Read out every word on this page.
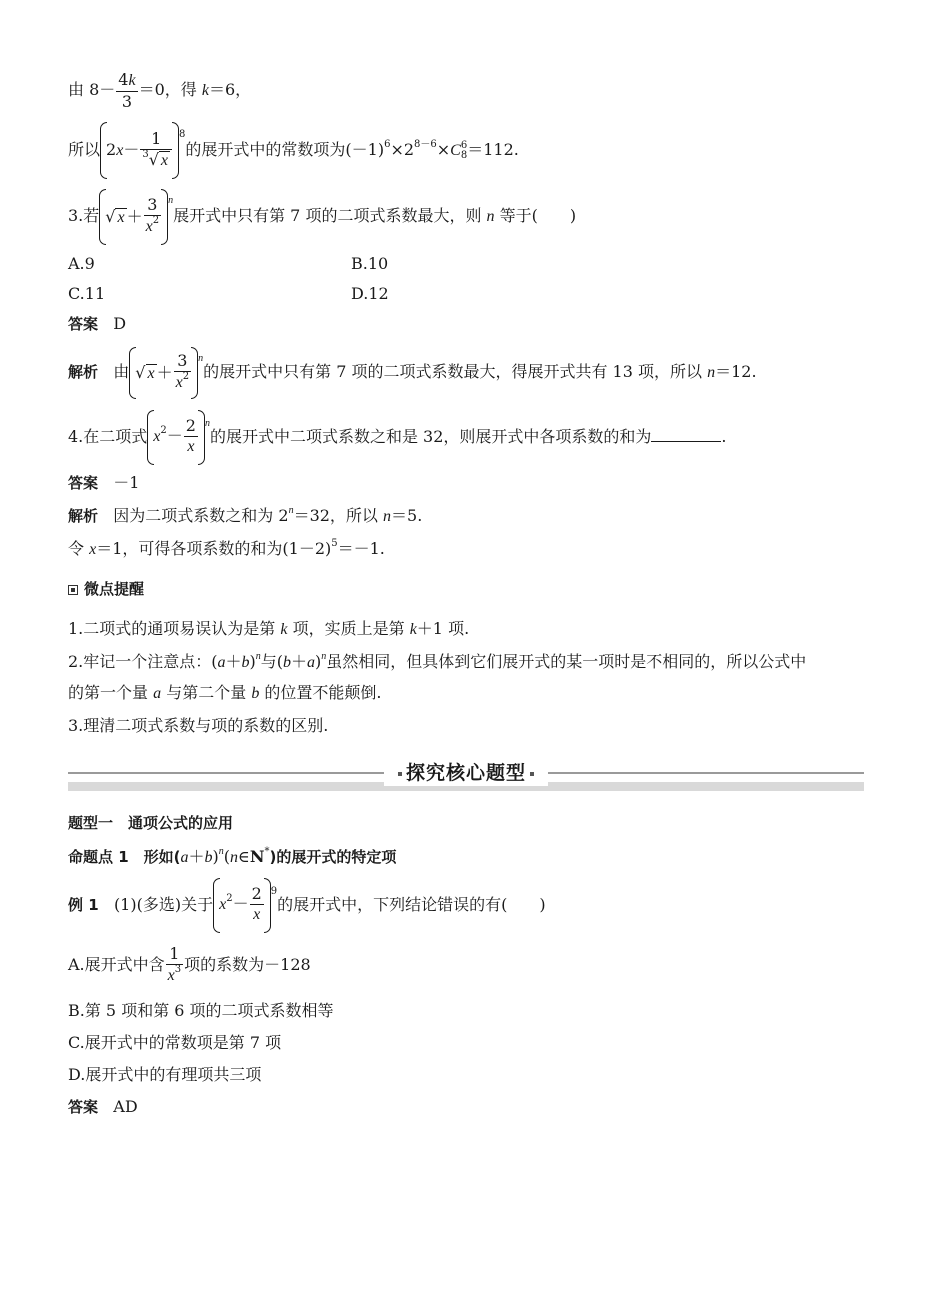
由 $8- \frac{4k}{3} =0$，得 k＝6，
所以 $2x- \frac{1}{^3√ x} ^8$的展开式中的常数项为$(-1)^6\times 2^{8-6}\times C$ 6
8 ＝112.
3.若 √ $x + \frac{3}{x^2} ^n$展开式中只有第 7 项的二项式系数最大，则 n 等于(　　)
A.9	B.10
C.11	D.12
答案 D
解析 由 √ $x + \frac{3}{x^2} ^n$的展开式中只有第 7 项的二项式系数最大，得展开式共有 13 项，所以 n＝12.
4.在二项式 $x^2- \frac{2}{x} ^n$的展开式中二项式系数之和是 32，则展开式中各项系数的和为	.
答案 －1
解析 因为二项式系数之和为 $2^n=32$，所以 n＝5.
令 x＝1，可得各项系数的和为$(1-2)^5=-1$.
微点提醒
1.二项式的通项易误认为是第 k 项，实质上是第 k＋1 项.
2.牢记一个注意点：$(a+b)^n$与$(b+a)^n$虽然相同，但具体到它们展开式的某一项时是不相同的，所以公式中
的第一个量 a 与第二个量 b 的位置不能颠倒.
3.理清二项式系数与项的系数的区别.
探究核心题型
题型一　通项公式的应用
命题点 1　形如$(a+b)^n(n\in N^*)$的展开式的特定项
例 1 (1)(多选)关于 $x^2- \frac{2}{x} ^9$的展开式中，下列结论错误的有(　　)
A.展开式中含 $\frac{1}{x^3}$ 项的系数为－128
B.第 5 项和第 6 项的二项式系数相等
C.展开式中的常数项是第 7 项
D.展开式中的有理项共三项
答案 AD
